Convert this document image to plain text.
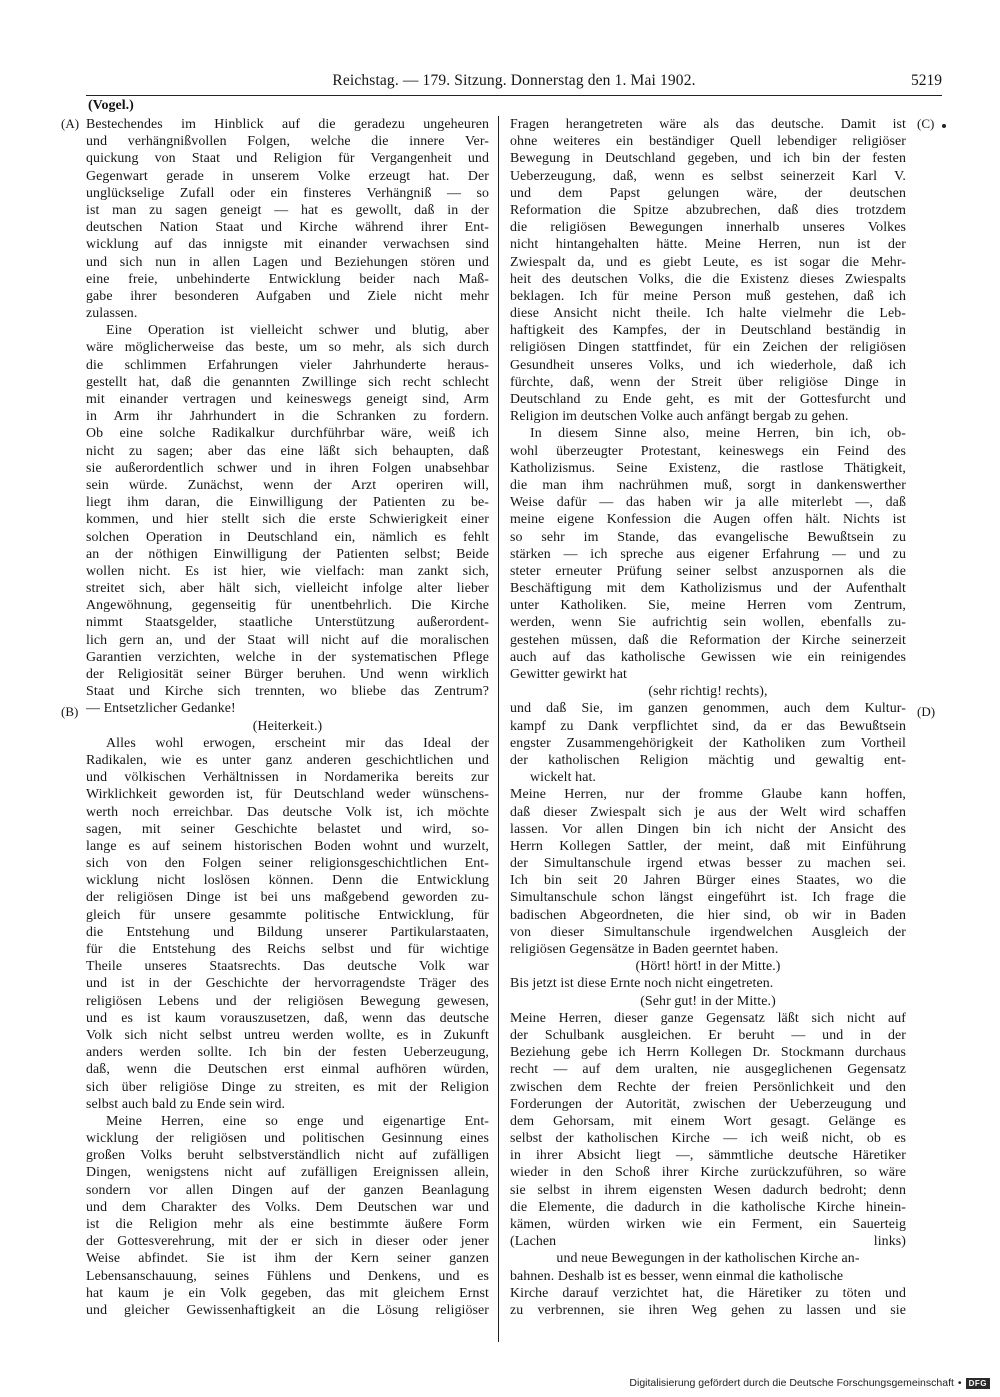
Reichstag. — 179. Sitzung. Donnerstag den 1. Mai 1902.	5219
(Vogel.)
Bestechendes im Hinblick auf die geradezu ungeheuren
und verhängnißvollen Folgen, welche die innere Ver-
quickung von Staat und Religion für Vergangenheit und
Gegenwart gerade in unserem Volke erzeugt hat. Der
unglückselige Zufall oder ein finsteres Verhängniß — so
ist man zu sagen geneigt — hat es gewollt, daß in der
deutschen Nation Staat und Kirche während ihrer Ent-
wicklung auf das innigste mit einander verwachsen sind
und sich nun in allen Lagen und Beziehungen stören und
eine freie, unbehinderte Entwicklung beider nach Maß-
gabe ihrer besonderen Aufgaben und Ziele nicht mehr
zulassen.
Eine Operation ist vielleicht schwer und blutig, aber
wäre möglicherweise das beste, um so mehr, als sich durch
die schlimmen Erfahrungen vieler Jahrhunderte heraus-
gestellt hat, daß die genannten Zwillinge sich recht schlecht
mit einander vertragen und keineswegs geneigt sind, Arm
in Arm ihr Jahrhundert in die Schranken zu fordern.
Ob eine solche Radikalkur durchführbar wäre, weiß ich
nicht zu sagen; aber das eine läßt sich behaupten, daß
sie außerordentlich schwer und in ihren Folgen unabsehbar
sein würde. Zunächst, wenn der Arzt operiren will,
liegt ihm daran, die Einwilligung der Patienten zu be-
kommen, und hier stellt sich die erste Schwierigkeit einer
solchen Operation in Deutschland ein, nämlich es fehlt
an der nöthigen Einwilligung der Patienten selbst; Beide
wollen nicht. Es ist hier, wie vielfach: man zankt sich,
streitet sich, aber hält sich, vielleicht infolge alter lieber
Angewöhnung, gegenseitig für unentbehrlich. Die Kirche
nimmt Staatsgelder, staatliche Unterstützung außerordent-
lich gern an, und der Staat will nicht auf die moralischen
Garantien verzichten, welche in der systematischen Pflege
der Religiosität seiner Bürger beruhen. Und wenn wirklich
Staat und Kirche sich trennten, wo bliebe das Zentrum?
— Entsetzlicher Gedanke!
(Heiterkeit.)
Alles wohl erwogen, erscheint mir das Ideal der
Radikalen, wie es unter ganz anderen geschichtlichen und
und völkischen Verhältnissen in Nordamerika bereits zur
Wirklichkeit geworden ist, für Deutschland weder wünschens-
werth noch erreichbar. Das deutsche Volk ist, ich möchte
sagen, mit seiner Geschichte belastet und wird, so-
lange es auf seinem historischen Boden wohnt und wurzelt,
sich von den Folgen seiner religionsgeschichtlichen Ent-
wicklung nicht loslösen können. Denn die Entwicklung
der religiösen Dinge ist bei uns maßgebend geworden zu-
gleich für unsere gesammte politische Entwicklung, für
die Entstehung und Bildung unserer Partikularstaaten,
für die Entstehung des Reichs selbst und für wichtige
Theile unseres Staatsrechts. Das deutsche Volk war
und ist in der Geschichte der hervorragendste Träger des
religiösen Lebens und der religiösen Bewegung gewesen,
und es ist kaum vorauszusetzen, daß, wenn das deutsche
Volk sich nicht selbst untreu werden wollte, es in Zukunft
anders werden sollte. Ich bin der festen Ueberzeugung,
daß, wenn die Deutschen erst einmal aufhören würden,
sich über religiöse Dinge zu streiten, es mit der Religion
selbst auch bald zu Ende sein wird.
Meine Herren, eine so enge und eigenartige Ent-
wicklung der religiösen und politischen Gesinnung eines
großen Volks beruht selbstverständlich nicht auf zufälligen
Dingen, wenigstens nicht auf zufälligen Ereignissen allein,
sondern vor allen Dingen auf der ganzen Beanlagung
und dem Charakter des Volks. Dem Deutschen war und
ist die Religion mehr als eine bestimmte äußere Form
der Gottesverehrung, mit der er sich in dieser oder jener
Weise abfindet. Sie ist ihm der Kern seiner ganzen
Lebensanschauung, seines Fühlens und Denkens, und es
hat kaum je ein Volk gegeben, das mit gleichem Ernst
und gleicher Gewissenhaftigkeit an die Lösung religiöser
Fragen herangetreten wäre als das deutsche. Damit ist
ohne weiteres ein beständiger Quell lebendiger religiöser
Bewegung in Deutschland gegeben, und ich bin der festen
Ueberzeugung, daß, wenn es selbst seinerzeit Karl V.
und dem Papst gelungen wäre, der deutschen
Reformation die Spitze abzubrechen, daß dies trotzdem
die religiösen Bewegungen innerhalb unseres Volkes
nicht hintangehalten hätte. Meine Herren, nun ist der
Zwiespalt da, und es giebt Leute, es ist sogar die Mehr-
heit des deutschen Volks, die die Existenz dieses Zwiespalts
beklagen. Ich für meine Person muß gestehen, daß ich
diese Ansicht nicht theile. Ich halte vielmehr die Leb-
haftigkeit des Kampfes, der in Deutschland beständig in
religiösen Dingen stattfindet, für ein Zeichen der religiösen
Gesundheit unseres Volks, und ich wiederhole, daß ich
fürchte, daß, wenn der Streit über religiöse Dinge in
Deutschland zu Ende geht, es mit der Gottesfurcht und
Religion im deutschen Volke auch anfängt bergab zu gehen.
In diesem Sinne also, meine Herren, bin ich, ob-
wohl überzeugter Protestant, keineswegs ein Feind des
Katholizismus. Seine Existenz, die rastlose Thätigkeit,
die man ihm nachrühmen muß, sorgt in dankenswerther
Weise dafür — das haben wir ja alle miterlebt —, daß
meine eigene Konfession die Augen offen hält. Nichts ist
so sehr im Stande, das evangelische Bewußtsein zu
stärken — ich spreche aus eigener Erfahrung — und zu
steter erneuter Prüfung seiner selbst anzuspornen als die
Beschäftigung mit dem Katholizismus und der Aufenthalt
unter Katholiken. Sie, meine Herren vom Zentrum,
werden, wenn Sie aufrichtig sein wollen, ebenfalls zu-
gestehen müssen, daß die Reformation der Kirche seinerzeit
auch auf das katholische Gewissen wie ein reinigendes
Gewitter gewirkt hat
(sehr richtig! rechts),
und daß Sie, im ganzen genommen, auch dem Kultur-
kampf zu Dank verpflichtet sind, da er das Bewußtsein
engster Zusammengehörigkeit der Katholiken zum Vortheil
der katholischen Religion mächtig und gewaltig ent-
wickelt hat.
Meine Herren, nur der fromme Glaube kann hoffen,
daß dieser Zwiespalt sich je aus der Welt wird schaffen
lassen. Vor allen Dingen bin ich nicht der Ansicht des
Herrn Kollegen Sattler, der meint, daß mit Einführung
der Simultanschule irgend etwas besser zu machen sei.
Ich bin seit 20 Jahren Bürger eines Staates, wo die
Simultanschule schon längst eingeführt ist. Ich frage die
badischen Abgeordneten, die hier sind, ob wir in Baden
von dieser Simultanschule irgendwelchen Ausgleich der
religiösen Gegensätze in Baden geerntet haben.
(Hört! hört! in der Mitte.)
Bis jetzt ist diese Ernte noch nicht eingetreten.
(Sehr gut! in der Mitte.)
Meine Herren, dieser ganze Gegensatz läßt sich nicht auf
der Schulbank ausgleichen. Er beruht — und in der
Beziehung gebe ich Herrn Kollegen Dr. Stockmann durchaus
recht — auf dem uralten, nie ausgeglichenen Gegensatz
zwischen dem Rechte der freien Persönlichkeit und den
Forderungen der Autorität, zwischen der Ueberzeugung und
dem Gehorsam, mit einem Wort gesagt. Gelänge es
selbst der katholischen Kirche — ich weiß nicht, ob es
in ihrer Absicht liegt —, sämmtliche deutsche Häretiker
wieder in den Schoß ihrer Kirche zurückzuführen, so wäre
sie selbst in ihrem eigensten Wesen dadurch bedroht; denn
die Elemente, die dadurch in die katholische Kirche hinein-
kämen, würden wirken wie ein Ferment, ein Sauerteig
(Lachen links)
und neue Bewegungen in der katholischen Kirche an-
bahnen. Deshalb ist es besser, wenn einmal die katholische
Kirche darauf verzichtet hat, die Häretiker zu töten und
zu verbrennen, sie ihren Weg gehen zu lassen und sie
(A)
(B)
(C)
(D)
Digitalisierung gefördert durch die Deutsche Forschungsgemeinschaft • DFG
